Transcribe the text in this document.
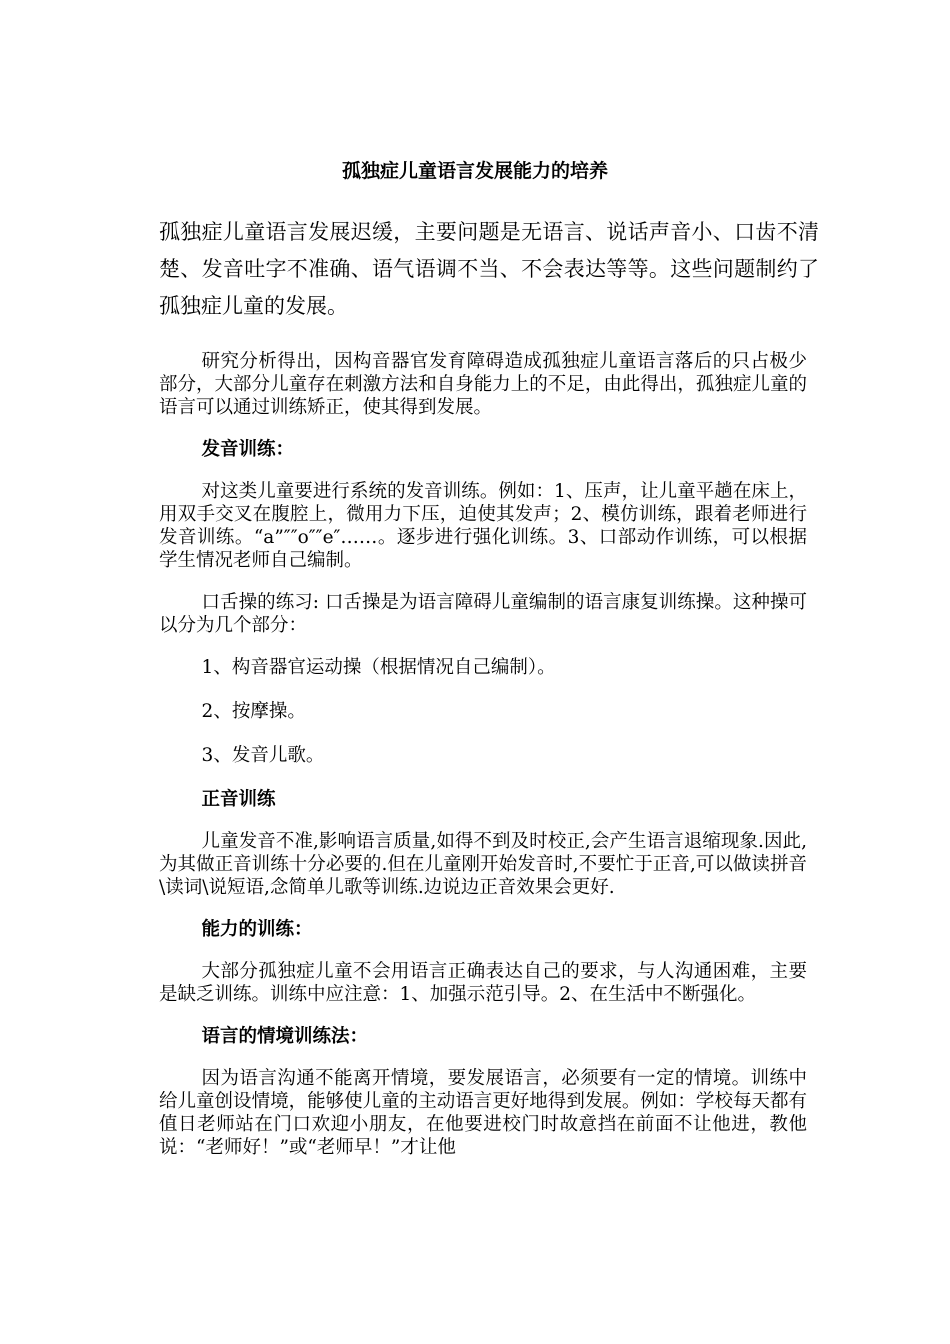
孤独症儿童语言发展能力的培养

孤独症儿童语言发展迟缓，主要问题是无语言、说话声音小、口齿不清楚、发音吐字不准确、语气语调不当、不会表达等等。这些问题制约了孤独症儿童的发展。

研究分析得出，因构音器官发育障碍造成孤独症儿童语言落后的只占极少部分，大部分儿童存在刺激方法和自身能力上的不足，由此得出，孤独症儿童的语言可以通过训练矫正，使其得到发展。

发音训练：

对这类儿童要进行系统的发音训练。例如：1、压声，让儿童平趟在床上，用双手交叉在腹腔上，微用力下压，迫使其发声；2、模仿训练，跟着老师进行发音训练。“a”″″o″″e″……。逐步进行强化训练。3、口部动作训练，可以根据学生情况老师自己编制。

口舌操的练习: 口舌操是为语言障碍儿童编制的语言康复训练操。这种操可以分为几个部分：

1、构音器官运动操（根据情况自己编制）。

2、按摩操。

3、发音儿歌。

正音训练

儿童发音不准,影响语言质量,如得不到及时校正,会产生语言退缩现象.因此,为其做正音训练十分必要的.但在儿童刚开始发音时,不要忙于正音,可以做读拼音\读词\说短语,念简单儿歌等训练.边说边正音效果会更好.

能力的训练：

大部分孤独症儿童不会用语言正确表达自己的要求，与人沟通困难，主要是缺乏训练。训练中应注意：1、加强示范引导。2、在生活中不断强化。

语言的情境训练法：

因为语言沟通不能离开情境，要发展语言，必须要有一定的情境。训练中给儿童创设情境，能够使儿童的主动语言更好地得到发展。例如：学校每天都有值日老师站在门口欢迎小朋友，在他要进校门时故意挡在前面不让他进，教他说：“老师好！”或“老师早！”才让他
